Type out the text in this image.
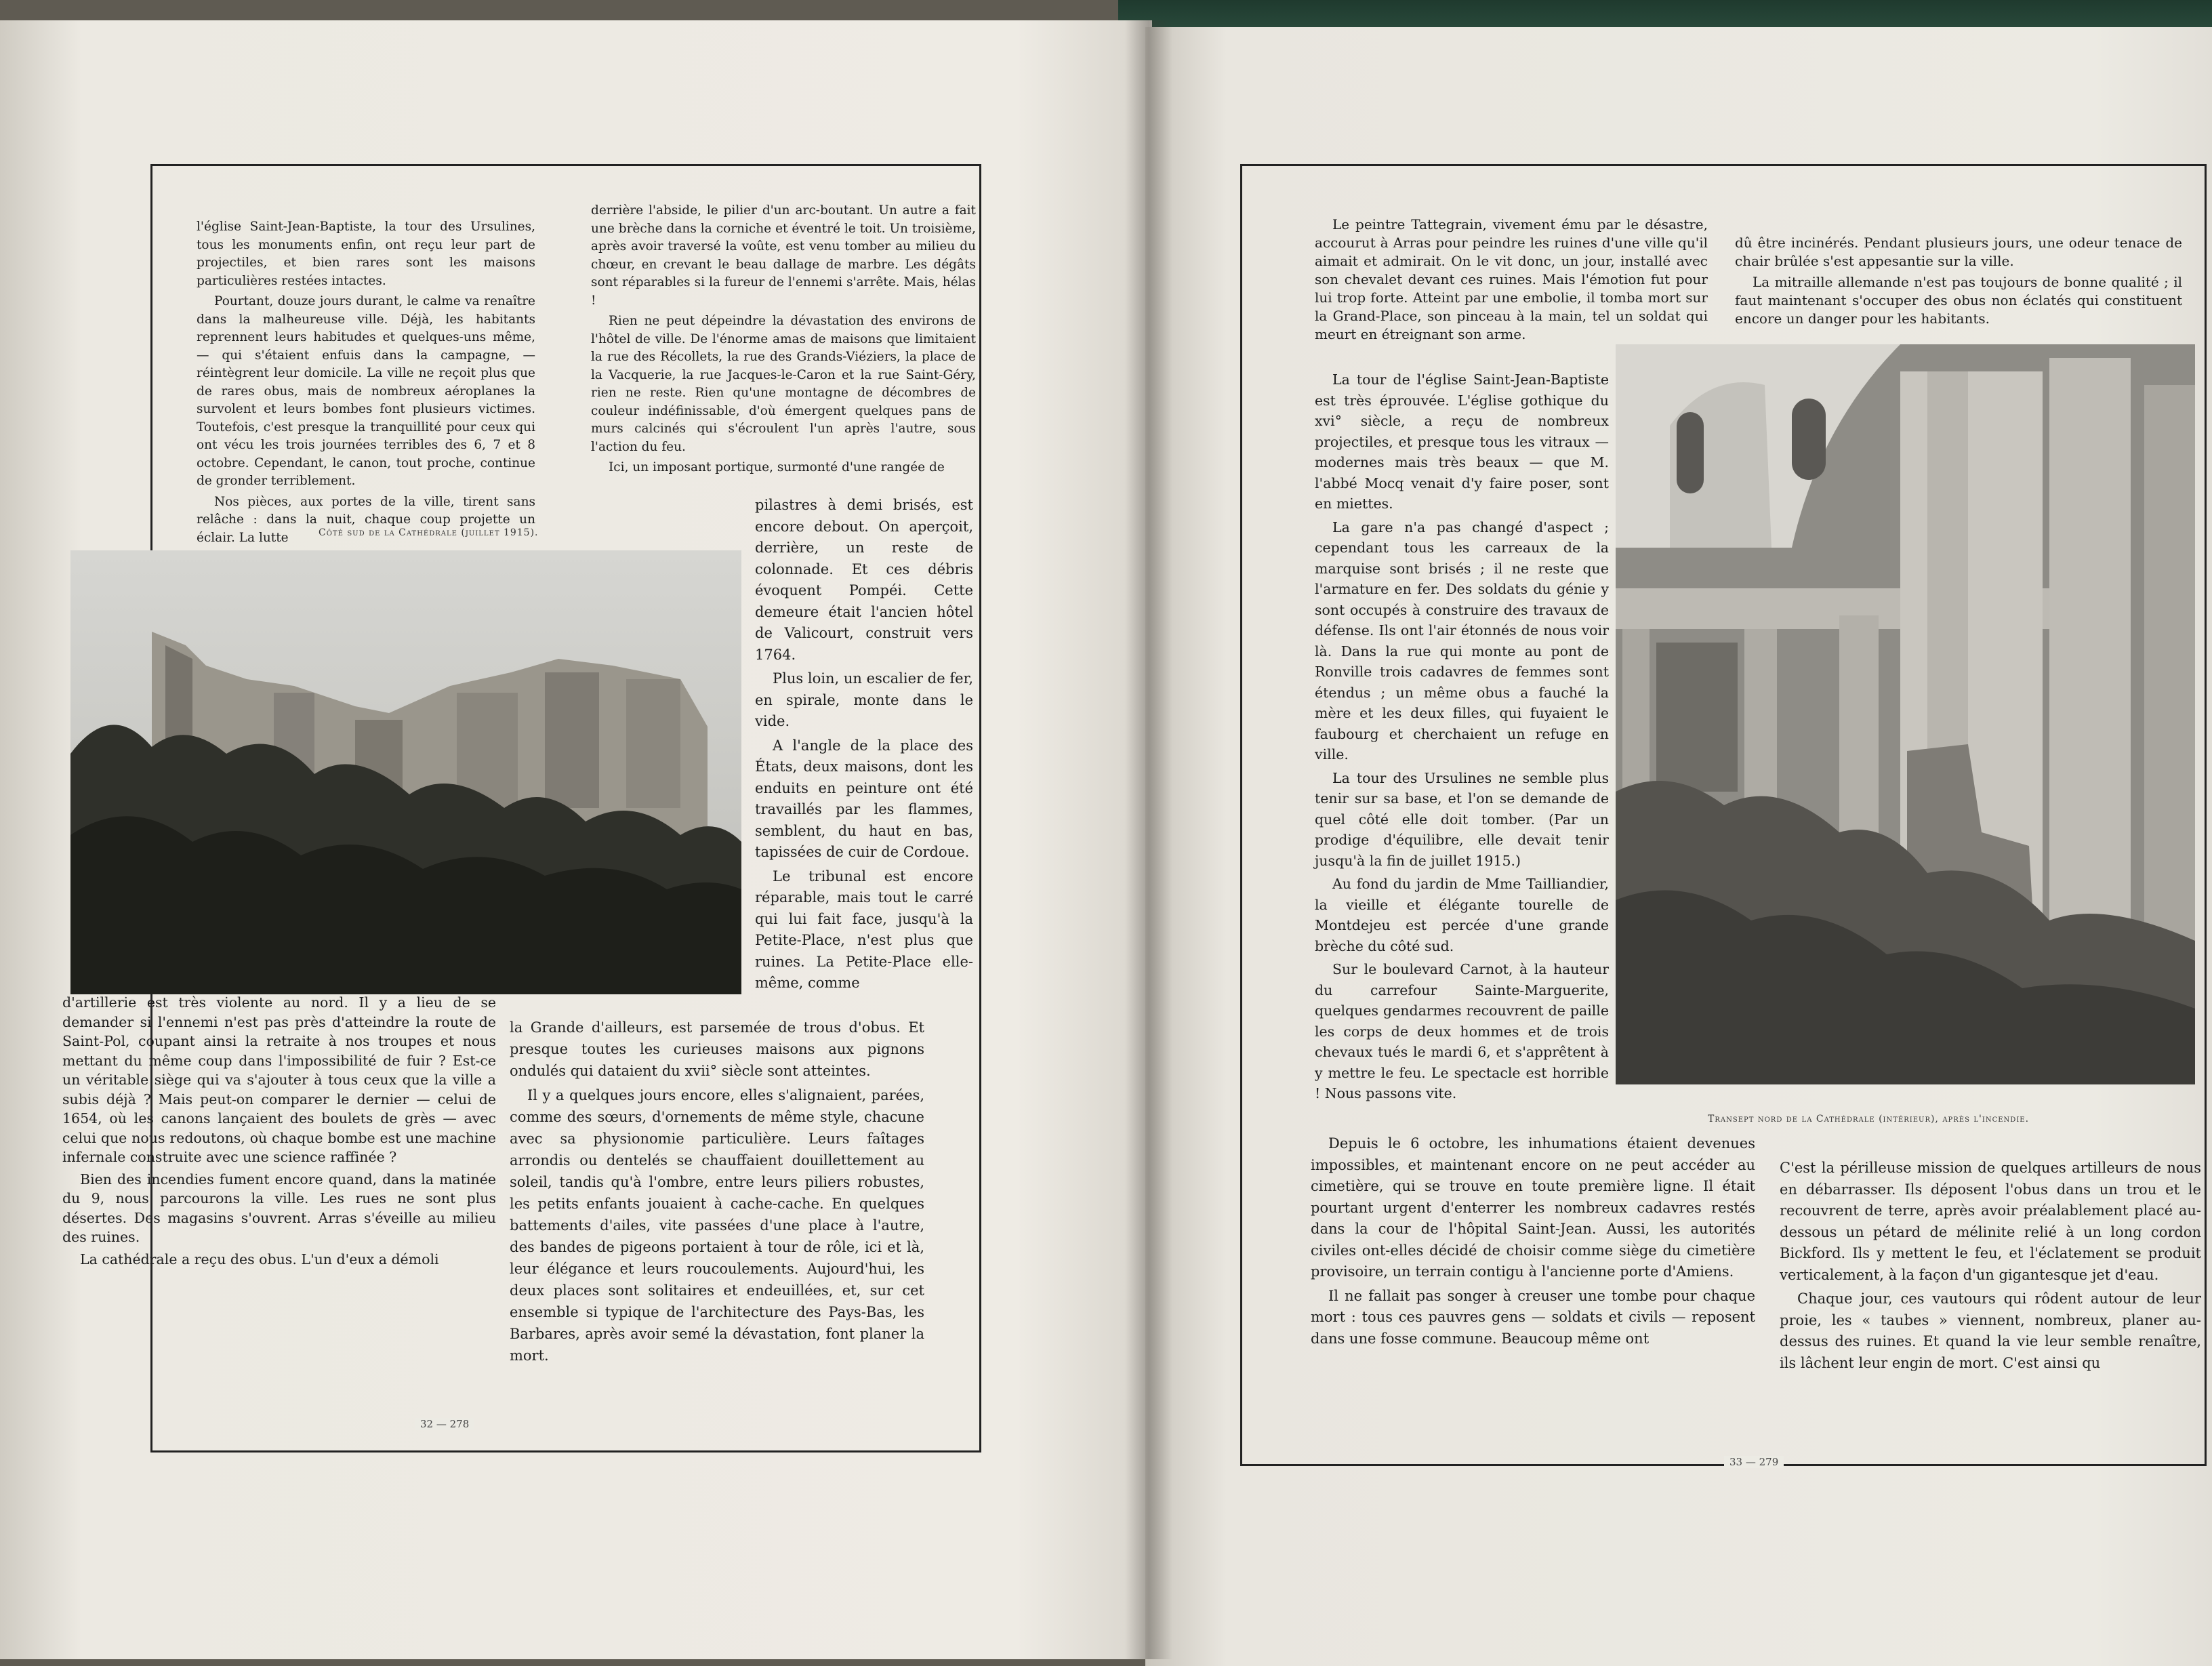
l'église Saint-Jean-Baptiste, la tour des Ursulines, tous les monuments enfin, ont reçu leur part de projectiles, et bien rares sont les maisons particulières restées intactes.

Pourtant, douze jours durant, le calme va renaître dans la malheureuse ville. Déjà, les habitants reprennent leurs habitudes et quelques-uns même, — qui s'étaient enfuis dans la campagne, — réintègrent leur domicile. La ville ne reçoit plus que de rares obus, mais de nombreux aéroplanes la survolent et leurs bombes font plusieurs victimes. Toutefois, c'est presque la tranquillité pour ceux qui ont vécu les trois journées terribles des 6, 7 et 8 octobre. Cependant, le canon, tout proche, continue de gronder terriblement.

Nos pièces, aux portes de la ville, tirent sans relâche : dans la nuit, chaque coup projette un éclair. La lutte

derrière l'abside, le pilier d'un arc-boutant. Un autre a fait une brèche dans la corniche et éventré le toit. Un troisième, après avoir traversé la voûte, est venu tomber au milieu du chœur, en crevant le beau dallage de marbre. Les dégâts sont réparables si la fureur de l'ennemi s'arrête. Mais, hélas !

Rien ne peut dépeindre la dévastation des environs de l'hôtel de ville. De l'énorme amas de maisons que limitaient la rue des Récollets, la rue des Grands-Viéziers, la place de la Vacquerie, la rue Jacques-le-Caron et la rue Saint-Géry, rien ne reste. Rien qu'une montagne de décombres de couleur indéfinissable, d'où émergent quelques pans de murs calcinés qui s'écroulent l'un après l'autre, sous l'action du feu.

Ici, un imposant portique, surmonté d'une rangée de

Côté sud de la Cathédrale (juillet 1915).

pilastres à demi brisés, est encore debout. On aperçoit, derrière, un reste de colonnade. Et ces débris évoquent Pompéi. Cette demeure était l'ancien hôtel de Valicourt, construit vers 1764.

Plus loin, un escalier de fer, en spirale, monte dans le vide.

A l'angle de la place des États, deux maisons, dont les enduits en peinture ont été travaillés par les flammes, semblent, du haut en bas, tapissées de cuir de Cordoue.

Le tribunal est encore réparable, mais tout le carré qui lui fait face, jusqu'à la Petite-Place, n'est plus que ruines. La Petite-Place elle-même, comme

d'artillerie est très violente au nord. Il y a lieu de se demander si l'ennemi n'est pas près d'atteindre la route de Saint-Pol, coupant ainsi la retraite à nos troupes et nous mettant du même coup dans l'impossibilité de fuir ? Est-ce un véritable siège qui va s'ajouter à tous ceux que la ville a subis déjà ? Mais peut-on comparer le dernier — celui de 1654, où les canons lançaient des boulets de grès — avec celui que nous redoutons, où chaque bombe est une machine infernale construite avec une science raffinée ?

Bien des incendies fument encore quand, dans la matinée du 9, nous parcourons la ville. Les rues ne sont plus désertes. Des magasins s'ouvrent. Arras s'éveille au milieu des ruines.

La cathédrale a reçu des obus. L'un d'eux a démoli

la Grande d'ailleurs, est parsemée de trous d'obus. Et presque toutes les curieuses maisons aux pignons ondulés qui dataient du xvii° siècle sont atteintes.

Il y a quelques jours encore, elles s'alignaient, parées, comme des sœurs, d'ornements de même style, chacune avec sa physionomie particulière. Leurs faîtages arrondis ou dentelés se chauffaient douillettement au soleil, tandis qu'à l'ombre, entre leurs piliers robustes, les petits enfants jouaient à cache-cache. En quelques battements d'ailes, vite passées d'une place à l'autre, des bandes de pigeons portaient à tour de rôle, ici et là, leur élégance et leurs roucoulements. Aujourd'hui, les deux places sont solitaires et endeuillées, et, sur cet ensemble si typique de l'architecture des Pays-Bas, les Barbares, après avoir semé la dévastation, font planer la mort.

32 — 278

Le peintre Tattegrain, vivement ému par le désastre, accourut à Arras pour peindre les ruines d'une ville qu'il aimait et admirait. On le vit donc, un jour, installé avec son chevalet devant ces ruines. Mais l'émotion fut pour lui trop forte. Atteint par une embolie, il tomba mort sur la Grand-Place, son pinceau à la main, tel un soldat qui meurt en étreignant son arme.

dû être incinérés. Pendant plusieurs jours, une odeur tenace de chair brûlée s'est appesantie sur la ville.

La mitraille allemande n'est pas toujours de bonne qualité ; il faut maintenant s'occuper des obus non éclatés qui constituent encore un danger pour les habitants.

La tour de l'église Saint-Jean-Baptiste est très éprouvée. L'église gothique du xvi° siècle, a reçu de nombreux projectiles, et presque tous les vitraux — modernes mais très beaux — que M. l'abbé Mocq venait d'y faire poser, sont en miettes.

La gare n'a pas changé d'aspect ; cependant tous les carreaux de la marquise sont brisés ; il ne reste que l'armature en fer. Des soldats du génie y sont occupés à construire des travaux de défense. Ils ont l'air étonnés de nous voir là. Dans la rue qui monte au pont de Ronville trois cadavres de femmes sont étendus ; un même obus a fauché la mère et les deux filles, qui fuyaient le faubourg et cherchaient un refuge en ville.

La tour des Ursulines ne semble plus tenir sur sa base, et l'on se demande de quel côté elle doit tomber. (Par un prodige d'équilibre, elle devait tenir jusqu'à la fin de juillet 1915.)

Au fond du jardin de Mme Tailliandier, la vieille et élégante tourelle de Montdejeu est percée d'une grande brèche du côté sud.

Sur le boulevard Carnot, à la hauteur du carrefour Sainte-Marguerite, quelques gendarmes recouvrent de paille les corps de deux hommes et de trois chevaux tués le mardi 6, et s'apprêtent à y mettre le feu. Le spectacle est horrible ! Nous passons vite.

Transept nord de la Cathédrale (intérieur), après l'incendie.

Depuis le 6 octobre, les inhumations étaient devenues impossibles, et maintenant encore on ne peut accéder au cimetière, qui se trouve en toute première ligne. Il était pourtant urgent d'enterrer les nombreux cadavres restés dans la cour de l'hôpital Saint-Jean. Aussi, les autorités civiles ont-elles décidé de choisir comme siège du cimetière provisoire, un terrain contigu à l'ancienne porte d'Amiens.

Il ne fallait pas songer à creuser une tombe pour chaque mort : tous ces pauvres gens — soldats et civils — reposent dans une fosse commune. Beaucoup même ont

C'est la périlleuse mission de quelques artilleurs de nous en débarrasser. Ils déposent l'obus dans un trou et le recouvrent de terre, après avoir préalablement placé au-dessous un pétard de mélinite relié à un long cordon Bickford. Ils y mettent le feu, et l'éclatement se produit verticalement, à la façon d'un gigantesque jet d'eau.

Chaque jour, ces vautours qui rôdent autour de leur proie, les « taubes » viennent, nombreux, planer au-dessus des ruines. Et quand la vie leur semble renaître, ils lâchent leur engin de mort. C'est ainsi qu

33 — 279
